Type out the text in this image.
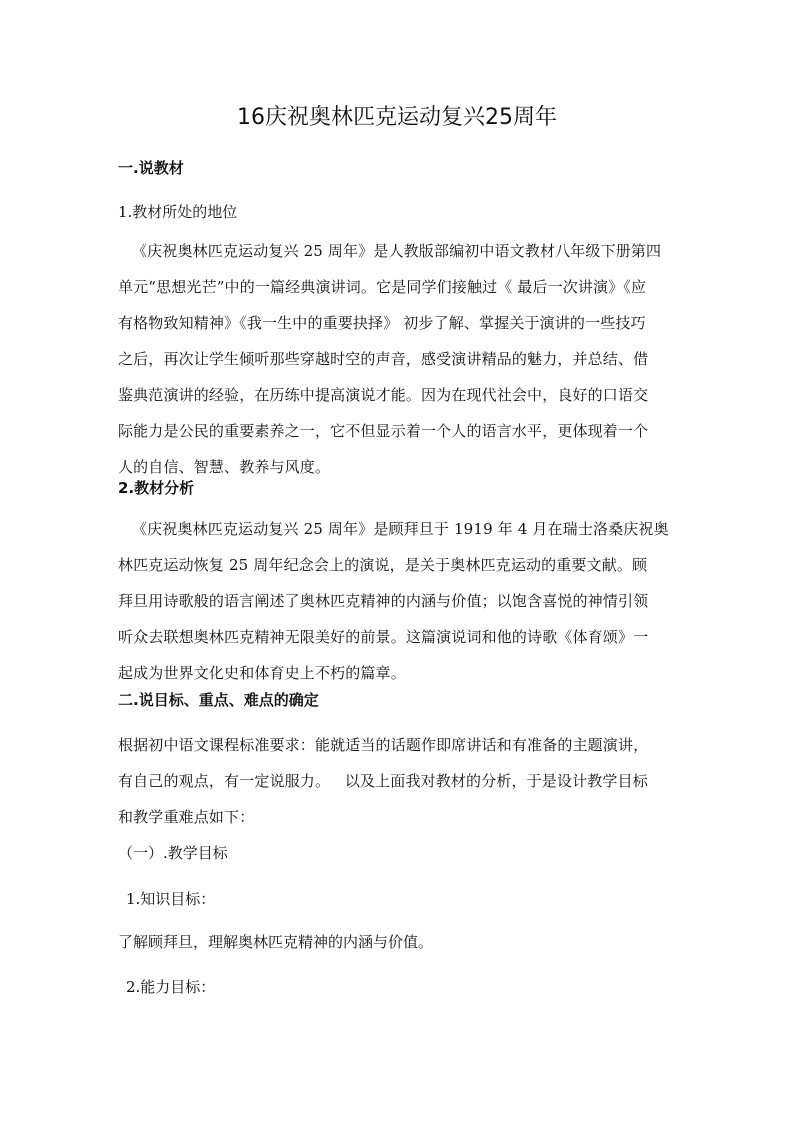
16庆祝奥林匹克运动复兴25周年
一.说教材
1.教材所处的地位
《庆祝奥林匹克运动复兴 25 周年》是人教版部编初中语文教材八年级下册第四
单元“思想光芒”中的一篇经典演讲词。它是同学们接触过《 最后一次讲演》《应
有格物致知精神》《我一生中的重要抉择》 初步了解、掌握关于演讲的一些技巧
之后，再次让学生倾听那些穿越时空的声音，感受演讲精品的魅力，并总结、借
鉴典范演讲的经验，在历练中提高演说才能。因为在现代社会中，良好的口语交
际能力是公民的重要素养之一，它不但显示着一个人的语言水平，更体现着一个
人的自信、智慧、教养与风度。
2.教材分析
《庆祝奥林匹克运动复兴 25 周年》是顾拜旦于 1919 年 4 月在瑞士洛桑庆祝奥
林匹克运动恢复 25 周年纪念会上的演说，是关于奥林匹克运动的重要文献。顾
拜旦用诗歌般的语言阐述了奥林匹克精神的内涵与价值；以饱含喜悦的神情引领
听众去联想奥林匹克精神无限美好的前景。这篇演说词和他的诗歌《体育颂》一
起成为世界文化史和体育史上不朽的篇章。
二.说目标、重点、难点的确定
根据初中语文课程标准要求：能就适当的话题作即席讲话和有准备的主题演讲，
有自己的观点，有一定说服力。   以及上面我对教材的分析，于是设计教学目标
和教学重难点如下：
（一）.教学目标
1.知识目标：
了解顾拜旦，理解奥林匹克精神的内涵与价值。
2.能力目标：
